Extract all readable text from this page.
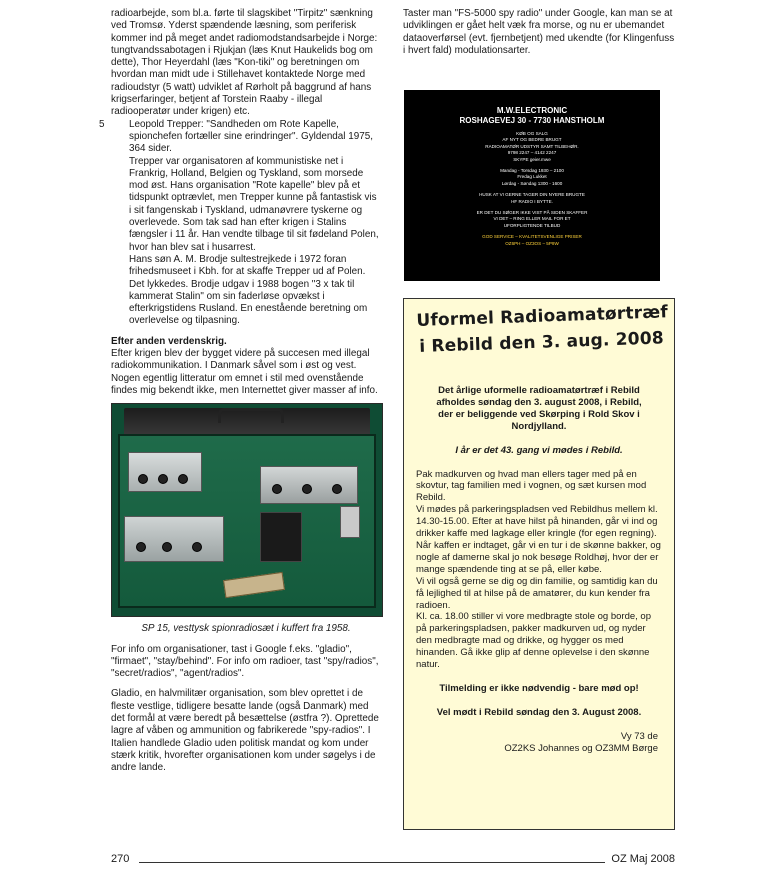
radioarbejde, som bl.a. førte til slagskibet "Tirpitz" sænkning ved Tromsø. Yderst spændende læsning, som periferisk kommer ind på meget andet radiomodstandsarbejde i Norge: tungtvandssabotagen i Rjukjan (læs Knut Haukelids bog om dette), Thor Heyerdahl (læs "Kon-tiki" og beretningen om hvordan man midt ude i Stillehavet kontaktede Norge med radioudstyr (5 watt) udviklet af Rørholt på baggrund af hans krigserfaringer, betjent af Torstein Raaby - illegal radiooperatør under krigen) etc.

5 Leopold Trepper: "Sandheden om Rote Kapelle, spionchefen fortæller sine erindringer". Gyldendal 1975, 364 sider.

Trepper var organisatoren af kommunistiske net i Frankrig, Holland, Belgien og Tyskland, som morsede mod øst. Hans organisation "Rote kapelle" blev på et tidspunkt optrævlet, men Trepper kunne på fantastisk vis i sit fangenskab i Tyskland, udmanøvrere tyskerne og overlevede. Som tak sad han efter krigen i Stalins fængsler i 11 år. Han vendte tilbage til sit fødeland Polen, hvor han blev sat i husarrest.

Hans søn A. M. Brodje sultestrejkede i 1972 foran frihedsmuseet i Kbh. for at skaffe Trepper ud af Polen. Det lykkedes. Brodje udgav i 1988 bogen "3 x tak til kammerat Stalin" om sin faderløse opvækst i efterkrigstidens Rusland. En enestående beretning om overlevelse og tilpasning.

Efter anden verdenskrig.

Efter krigen blev der bygget videre på succesen med illegal radiokommunikation. I Danmark såvel som i øst og vest. Nogen egentlig litteratur om emnet i stil med ovenstående findes mig bekendt ikke, men Internettet giver masser af info.

SP 15, vesttysk spionradiosæt i kuffert fra 1958.

For info om organisationer, tast i Google f.eks. "gladio", "firmaet", "stay/behind". For info om radioer, tast "spy/radios", "secret/radios", "agent/radios".

Gladio, en halvmilitær organisation, som blev oprettet i de fleste vestlige, tidligere besatte lande (også Danmark) med det formål at være beredt på besættelse (østfra ?). Oprettede lagre af våben og ammunition og fabrikerede "spy-radios". I Italien handlede Gladio uden politisk mandat og kom under stærk kritik, hvorefter organisationen kom under søgelys i de andre lande.

Taster man "FS-5000 spy radio" under Google, kan man se at udviklingen er gået helt væk fra morse, og nu er ubemandet dataoverførsel (evt. fjernbetjent) med ukendte (for Klingenfuss i hvert fald) modulationsarter.

M.W.ELECTRONIC
ROSHAGEVEJ 30 - 7730 HANSTHOLM
KØB OG SALG
AF NYT OG BEDRE BRUGT
RADIOAMATØR UDSTYR SAMT TILBEHØR.
9798 2247 – 4142 2247
SKYPE geier.mwe
Mandag - Torsdag 1930 – 2100
Fredag Lukket
Lørdag - Søndag 1300 - 1600
HUSK AT VI GERNE TAGER DIN NYERE BRUGTE
HF RADIO I BYTTE.
ER DET DU SØGER IKKE VIST PÅ SIDEN SKAFFER
VI DET – RING ELLER MAIL FOR ET
UFORPLIGTENDE TILBUD
GOD SERVICE – KVALITETSVENLIGE PRISER
OZ6PH – OZ3OS – 5P9W
Uformel Radioamatørtræf
i Rebild den 3. aug. 2008

Det årlige uformelle radioamatørtræf i Rebild afholdes søndag den 3. august 2008, i Rebild, der er beliggende ved Skørping i Rold Skov i Nordjylland.

I år er det 43. gang vi mødes i Rebild.

Pak madkurven og hvad man ellers tager med på en skovtur, tag familien med i vognen, og sæt kursen mod Rebild.

Vi mødes på parkeringspladsen ved Rebildhus mellem kl. 14.30-15.00. Efter at have hilst på hinanden, går vi ind og drikker kaffe med lagkage eller kringle (for egen regning).

Når kaffen er indtaget, går vi en tur i de skønne bakker, og nogle af damerne skal jo nok besøge Roldhøj, hvor der er mange spændende ting at se på, eller købe.

Vi vil også gerne se dig og din familie, og samtidig kan du få lejlighed til at hilse på de amatører, du kun kender fra radioen.

Kl. ca. 18.00 stiller vi vore medbragte stole og borde, op på parkeringspladsen, pakker madkurven ud, og nyder den medbragte mad og drikke, og hygger os med hinanden. Gå ikke glip af denne oplevelse i den skønne natur.

Tilmelding er ikke nødvendig - bare mød op!

Vel mødt i Rebild søndag den 3. August 2008.

Vy 73 de

OZ2KS Johannes og OZ3MM Børge

270	OZ Maj 2008
